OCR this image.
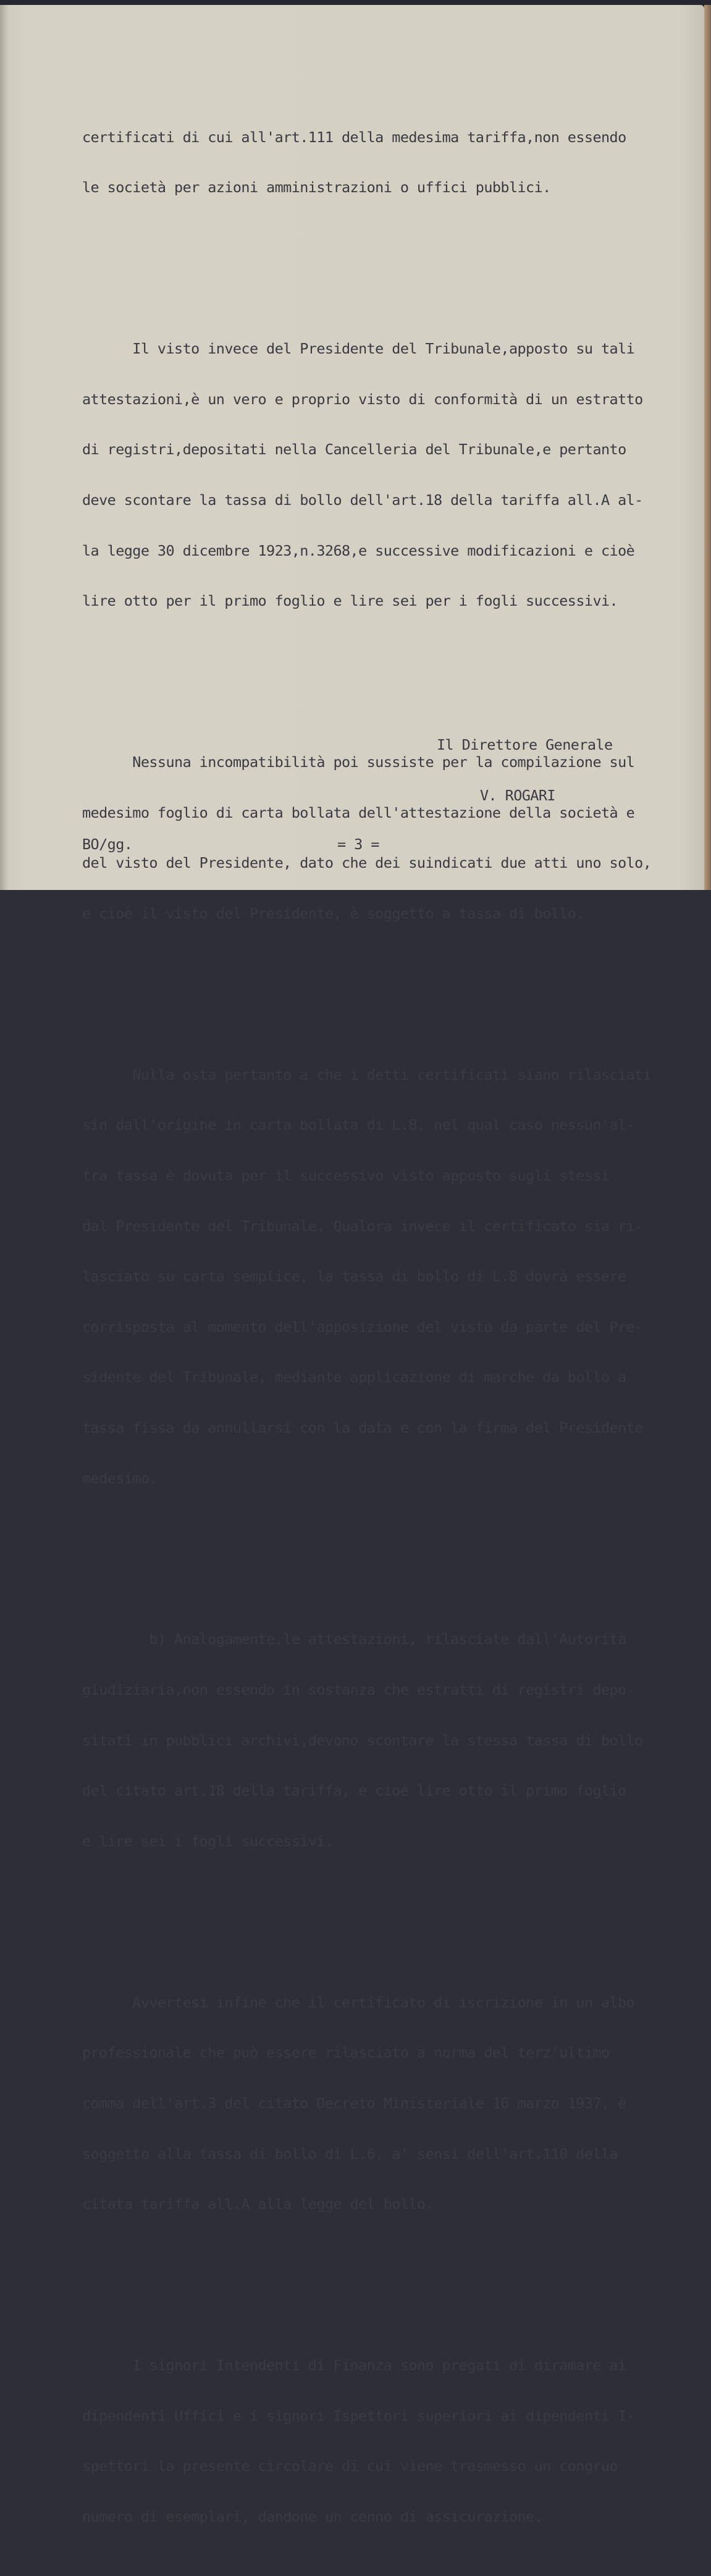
certificati di cui all'art.111 della medesima tariffa,non essendo

le società per azioni amministrazioni o uffici pubblici.

Il visto invece del Presidente del Tribunale,apposto su tali

attestazioni,è un vero e proprio visto di conformità di un estratto

di registri,depositati nella Cancelleria del Tribunale,e pertanto

deve scontare la tassa di bollo dell'art.18 della tariffa all.A al-

la legge 30 dicembre 1923,n.3268,e successive modificazioni e cioè

lire otto per il primo foglio e lire sei per i fogli successivi.

Nessuna incompatibilità poi sussiste per la compilazione sul

medesimo foglio di carta bollata dell'attestazione della società e

del visto del Presidente, dato che dei suindicati due atti uno solo,

e cioè il visto del Presidente, è soggetto a tassa di bollo.

Nulla osta pertanto a che i detti certificati siano rilasciati

sin dall'origine in carta bollata di L.8, nel qual caso nessun'al-

tra tassa è dovuta per il successivo visto apposto sugli stessi

dal Presidente del Tribunale. Qualora invece il certificato sia ri-

lasciato su carta semplice, la tassa di bollo di L.8 dovrà essere

corrisposta al momento dell'apposizione del visto da parte del Pre-

sidente del Tribunale, mediante applicazione di marche da bollo a

tassa fissa da annullarsi con la data e con la firma del Presidente

medesimo.

b) Analogamente,le attestazioni, rilasciate dall'Autorità

giudiziaria,non essendo in sostanza che estratti di registri depo-

sitati in pubblici archivi,devono scontare la stessa tassa di bollo

del citato art.18 della tariffa, e cioè lire otto il primo foglio

e lire sei i fogli successivi.

Avvertesi infine che il certificato di iscrizione in un albo

professionale che può essere rilasciato a norma del terz'ultimo

comma dell'art.3 del citato Decreto Ministeriale 16 marzo 1937, è

soggetto alla tassa di bollo di L.6, a' sensi dell'art.110 della

citata tariffa all.A alla legge del bollo.

I signori Intendenti di Finanza sono pregati di diramare ai

dipendenti Uffici e i signori Ispettori superiori ai dipendenti I-

spettori la presente circolare di cui viene trasmesso un congruo

numero di esemplari, dandone un cenno di assicurazione.

Il Direttore Generale

V. ROGARI

BO/gg.	= 3 =
